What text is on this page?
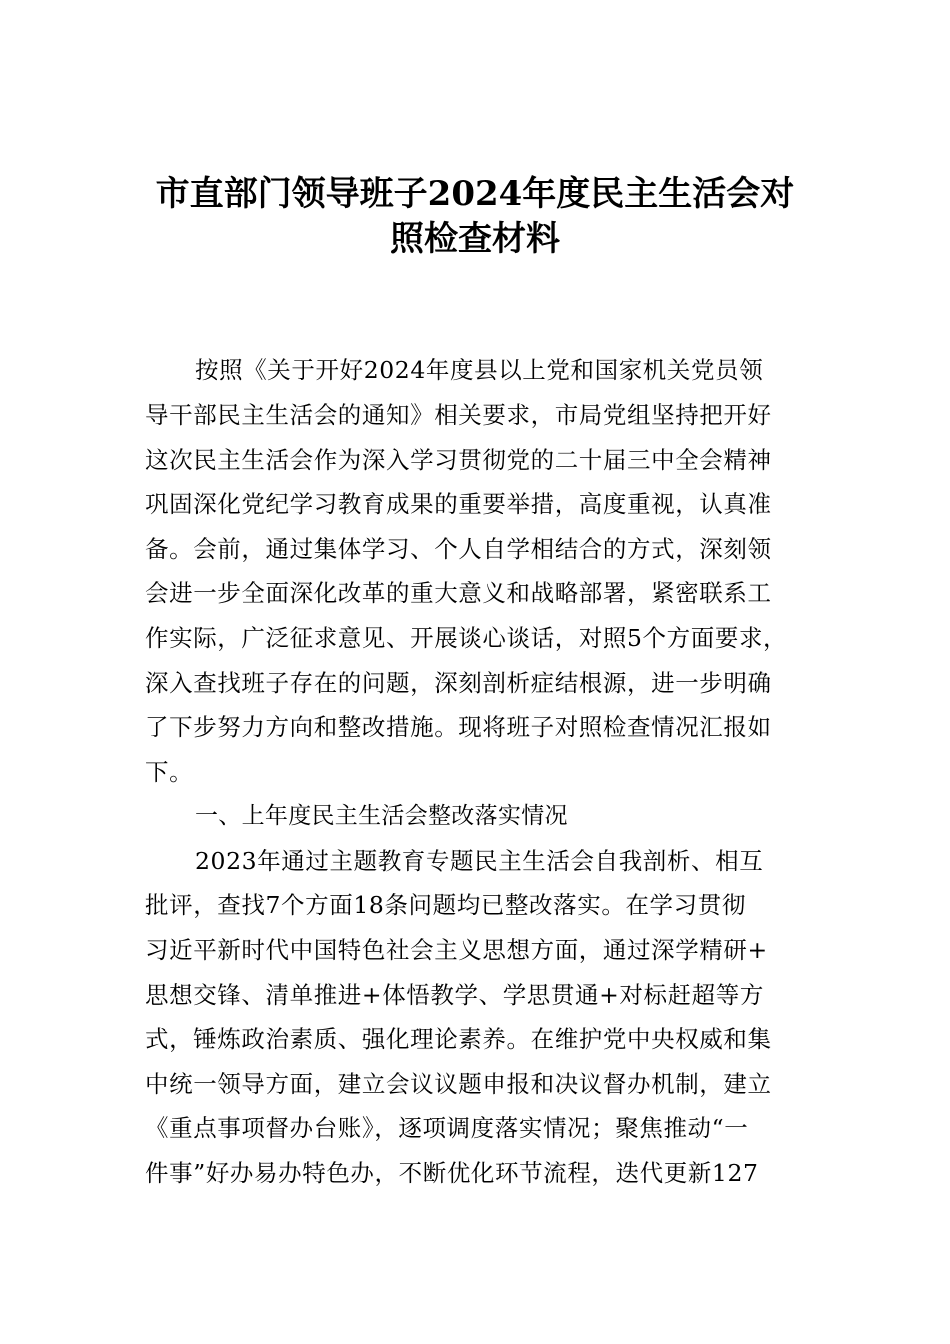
市直部门领导班子2024年度民主生活会对
照检查材料
按照《关于开好2024年度县以上党和国家机关党员领
导干部民主生活会的通知》相关要求，市局党组坚持把开好
这次民主生活会作为深入学习贯彻党的二十届三中全会精神
巩固深化党纪学习教育成果的重要举措，高度重视，认真准
备。会前，通过集体学习、个人自学相结合的方式，深刻领
会进一步全面深化改革的重大意义和战略部署，紧密联系工
作实际，广泛征求意见、开展谈心谈话，对照5个方面要求，
深入查找班子存在的问题，深刻剖析症结根源，进一步明确
了下步努力方向和整改措施。现将班子对照检查情况汇报如
下。
一、上年度民主生活会整改落实情况
2023年通过主题教育专题民主生活会自我剖析、相互
批评，查找7个方面18条问题均已整改落实。在学习贯彻
习近平新时代中国特色社会主义思想方面，通过深学精研+
思想交锋、清单推进+体悟教学、学思贯通+对标赶超等方
式，锤炼政治素质、强化理论素养。在维护党中央权威和集
中统一领导方面，建立会议议题申报和决议督办机制，建立
《重点事项督办台账》，逐项调度落实情况；聚焦推动“一
件事”好办易办特色办，不断优化环节流程，迭代更新127
